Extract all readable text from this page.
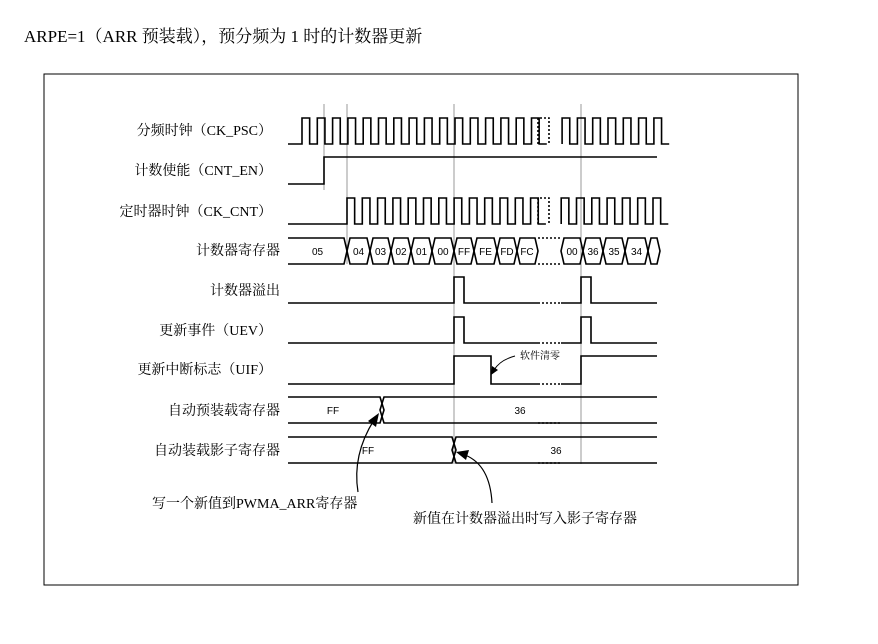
ARPE=1（ARR 预装载），预分频为 1 时的计数器更新
分频时钟（CK_PSC）
计数使能（CNT_EN）
定时器时钟（CK_CNT）
计数器寄存器
计数器溢出
更新事件（UEV）
更新中断标志（UIF）
自动预装载寄存器
自动装载影子寄存器
05	04 03 02 01 00 FF FE FD FC	00 36 35 34
软件清零
FF	36
FF	36
写一个新值到PWMA_ARR寄存器
新值在计数器溢出时写入影子寄存器
